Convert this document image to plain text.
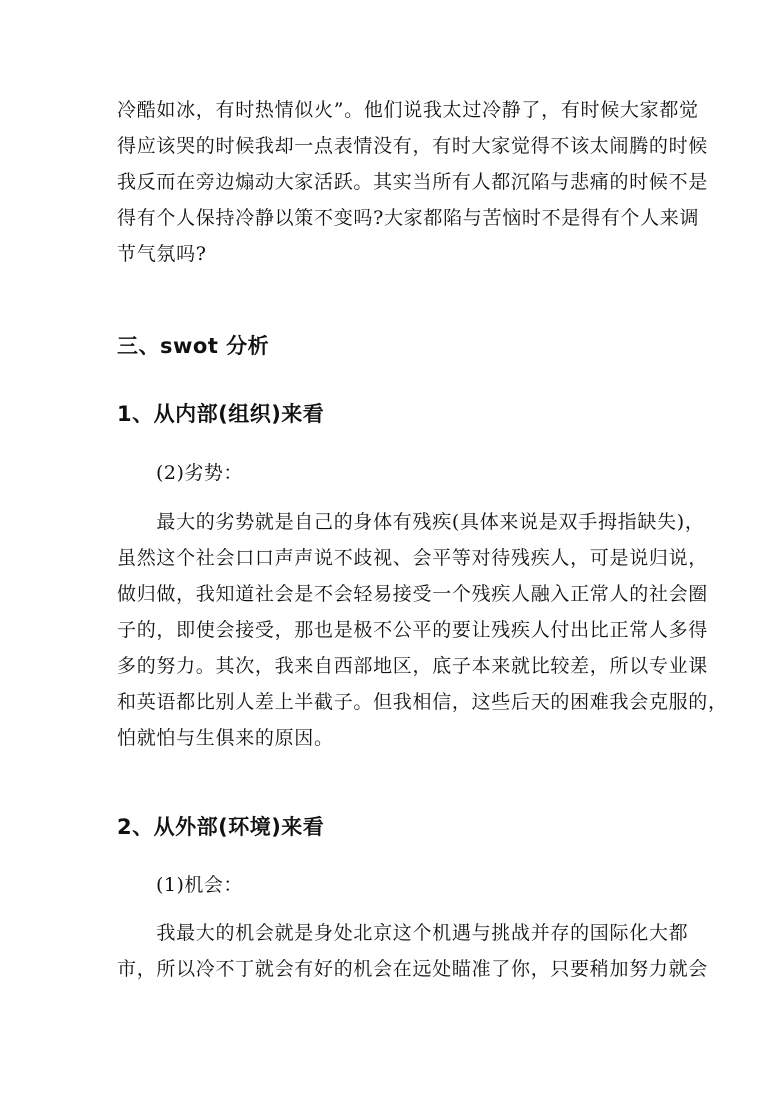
冷酷如冰，有时热情似火”。他们说我太过冷静了，有时候大家都觉
得应该哭的时候我却一点表情没有，有时大家觉得不该太闹腾的时候
我反而在旁边煽动大家活跃。其实当所有人都沉陷与悲痛的时候不是
得有个人保持冷静以策不变吗?大家都陷与苦恼时不是得有个人来调
节气氛吗?
三、swot 分析
1、从内部(组织)来看
(2)劣势：
　　最大的劣势就是自己的身体有残疾(具体来说是双手拇指缺失)，
虽然这个社会口口声声说不歧视、会平等对待残疾人，可是说归说，
做归做，我知道社会是不会轻易接受一个残疾人融入正常人的社会圈
子的，即使会接受，那也是极不公平的要让残疾人付出比正常人多得
多的努力。其次，我来自西部地区，底子本来就比较差，所以专业课
和英语都比别人差上半截子。但我相信，这些后天的困难我会克服的，
怕就怕与生俱来的原因。
2、从外部(环境)来看
(1)机会：
　　我最大的机会就是身处北京这个机遇与挑战并存的国际化大都
市，所以冷不丁就会有好的机会在远处瞄准了你，只要稍加努力就会
